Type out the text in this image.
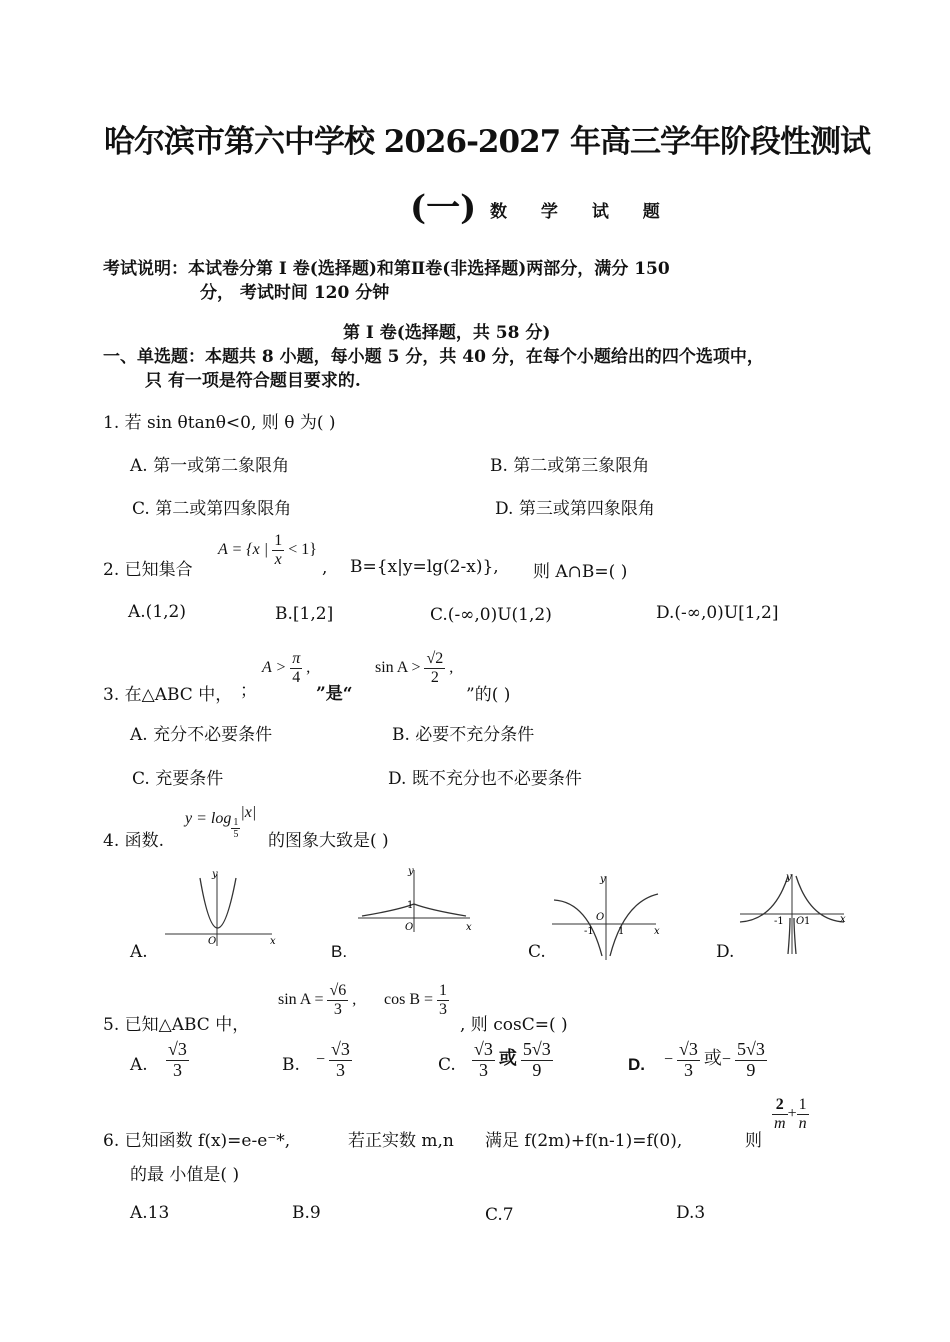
哈尔滨市第六中学校 2026-2027 年高三学年阶段性测试
(一) 数 学 试 题
考试说明：本试卷分第 I 卷(选择题)和第Ⅱ卷(非选择题)两部分，满分 150
分， 考试时间 120 分钟
第 I 卷(选择题，共 58 分)
一、单选题：本题共 8 小题，每小题 5 分，共 40 分，在每个小题给出的四个选项中，
只 有一项是符合题目要求的.
1. 若 sin θtanθ<0, 则 θ 为( )
A. 第一或第二象限角	B. 第二或第三象限角
C. 第二或第四象限角	D. 第三或第四象限角
2. 已知集合
A = {x | $\frac{1}{x} < 1$}
, B={x|y=lg(2-x)}, 则 A∩B=( )
A.(1,2)	B.[1,2]	C.(-∞,0)U(1,2)	D.(-∞,0)U[1,2]
3. 在△ABC 中， ；
$A > \frac{\pi}{4}$ ,
”是“
$\sin A > \frac{√2}{2}$ ,
”的( )
A. 充分不必要条件	B. 必要不充分条件
C. 充要条件	D. 既不充分也不必要条件
4. 函数.
$y = \log \frac{1}{5}$
|x|
的图象大致是( )
y
x
O
A.
y
x
O
1
B.
y
x
O
-1 1
C.
y
x
O
-1 1
D.
5. 已知△ABC 中，
$\sin A = \frac{√6}{3}$ , $\cos B = \frac{1}{3}$
, 则 cosC=( )
A. $\frac{√3}{3}$	B. − $\frac{√3}{3}$	C. $\frac{√3}{3}$ 或 $\frac{5√3}{9}$	D. − $\frac{√3}{3}$ 或− $\frac{5√3}{9}$
6. 已知函数 f(x)=e-e⁻*,	若正实数 m,n 满足 f(2m)+f(n-1)=f(0),	则
$\frac{2}{m} + \frac{1}{n}$
的最 小值是( )
A.13	B.9	C.7	D.3
